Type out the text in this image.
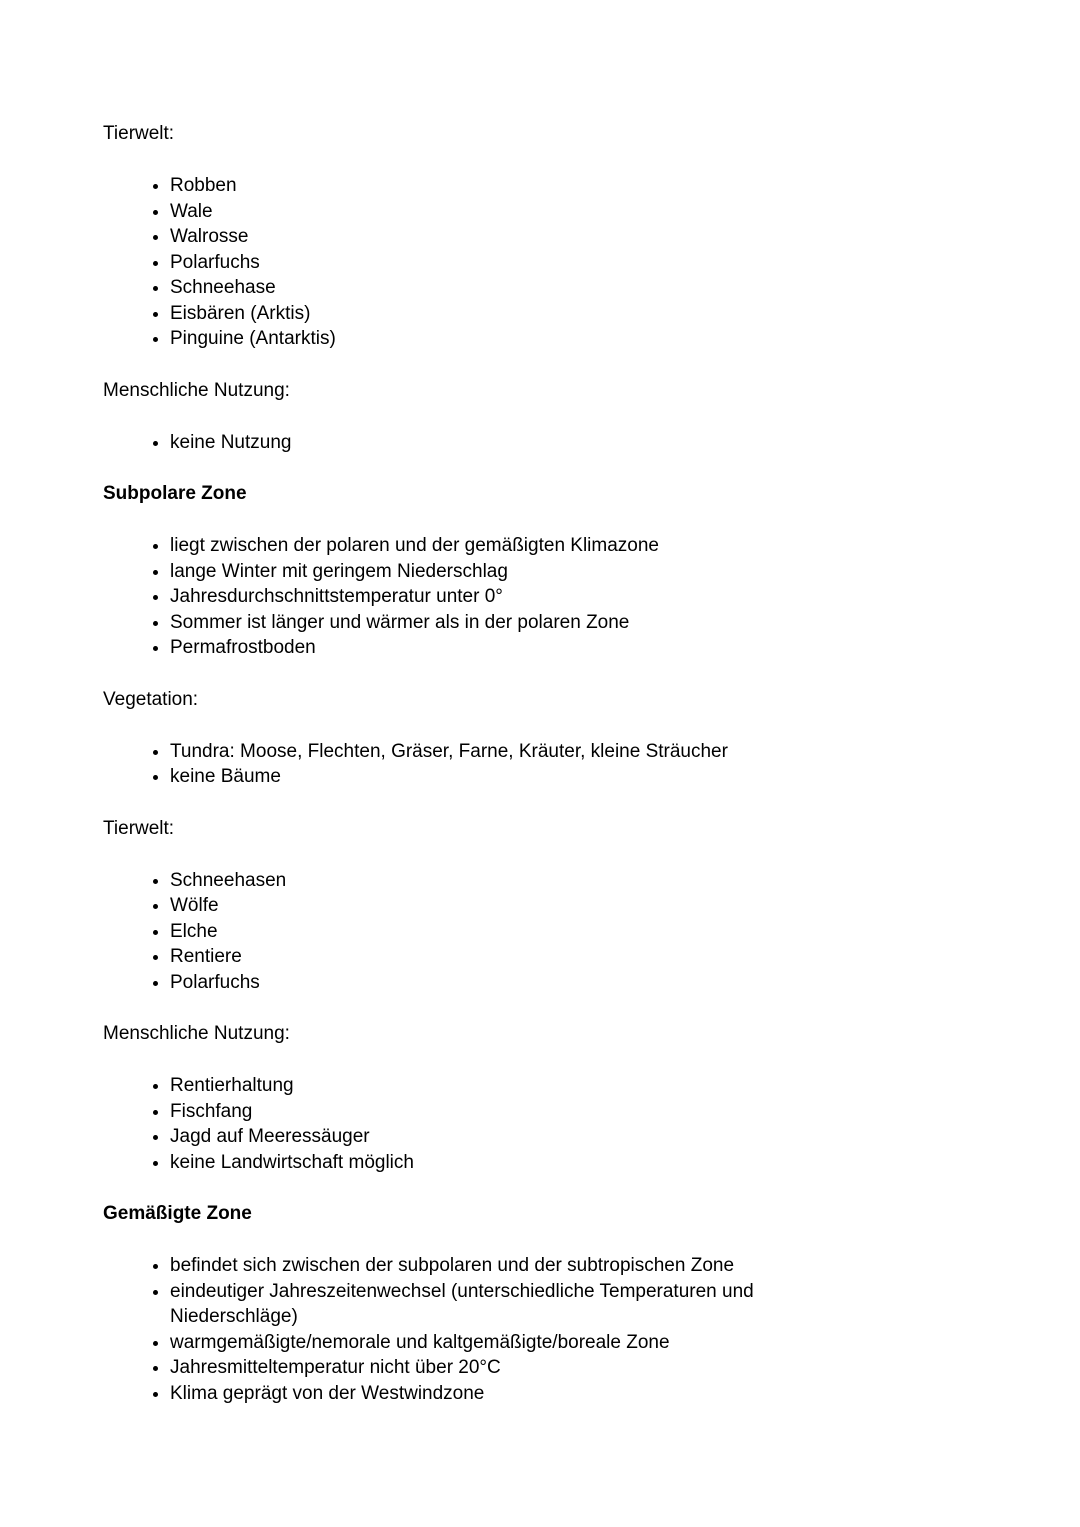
Tierwelt:

• Robben
• Wale
• Walrosse
• Polarfuchs
• Schneehase
• Eisbären (Arktis)
• Pinguine (Antarktis)

Menschliche Nutzung:

• keine Nutzung

Subpolare Zone

• liegt zwischen der polaren und der gemäßigten Klimazone
• lange Winter mit geringem Niederschlag
• Jahresdurchschnittstemperatur unter 0°
• Sommer ist länger und wärmer als in der polaren Zone
• Permafrostboden

Vegetation:

• Tundra: Moose, Flechten, Gräser, Farne, Kräuter, kleine Sträucher
• keine Bäume

Tierwelt:

• Schneehasen
• Wölfe
• Elche
• Rentiere
• Polarfuchs

Menschliche Nutzung:

• Rentierhaltung
• Fischfang
• Jagd auf Meeressäuger
• keine Landwirtschaft möglich

Gemäßigte Zone

• befindet sich zwischen der subpolaren und der subtropischen Zone
• eindeutiger Jahreszeitenwechsel (unterschiedliche Temperaturen und Niederschläge)
• warmgemäßigte/nemorale und kaltgemäßigte/boreale Zone
• Jahresmitteltemperatur nicht über 20°C
• Klima geprägt von der Westwindzone
